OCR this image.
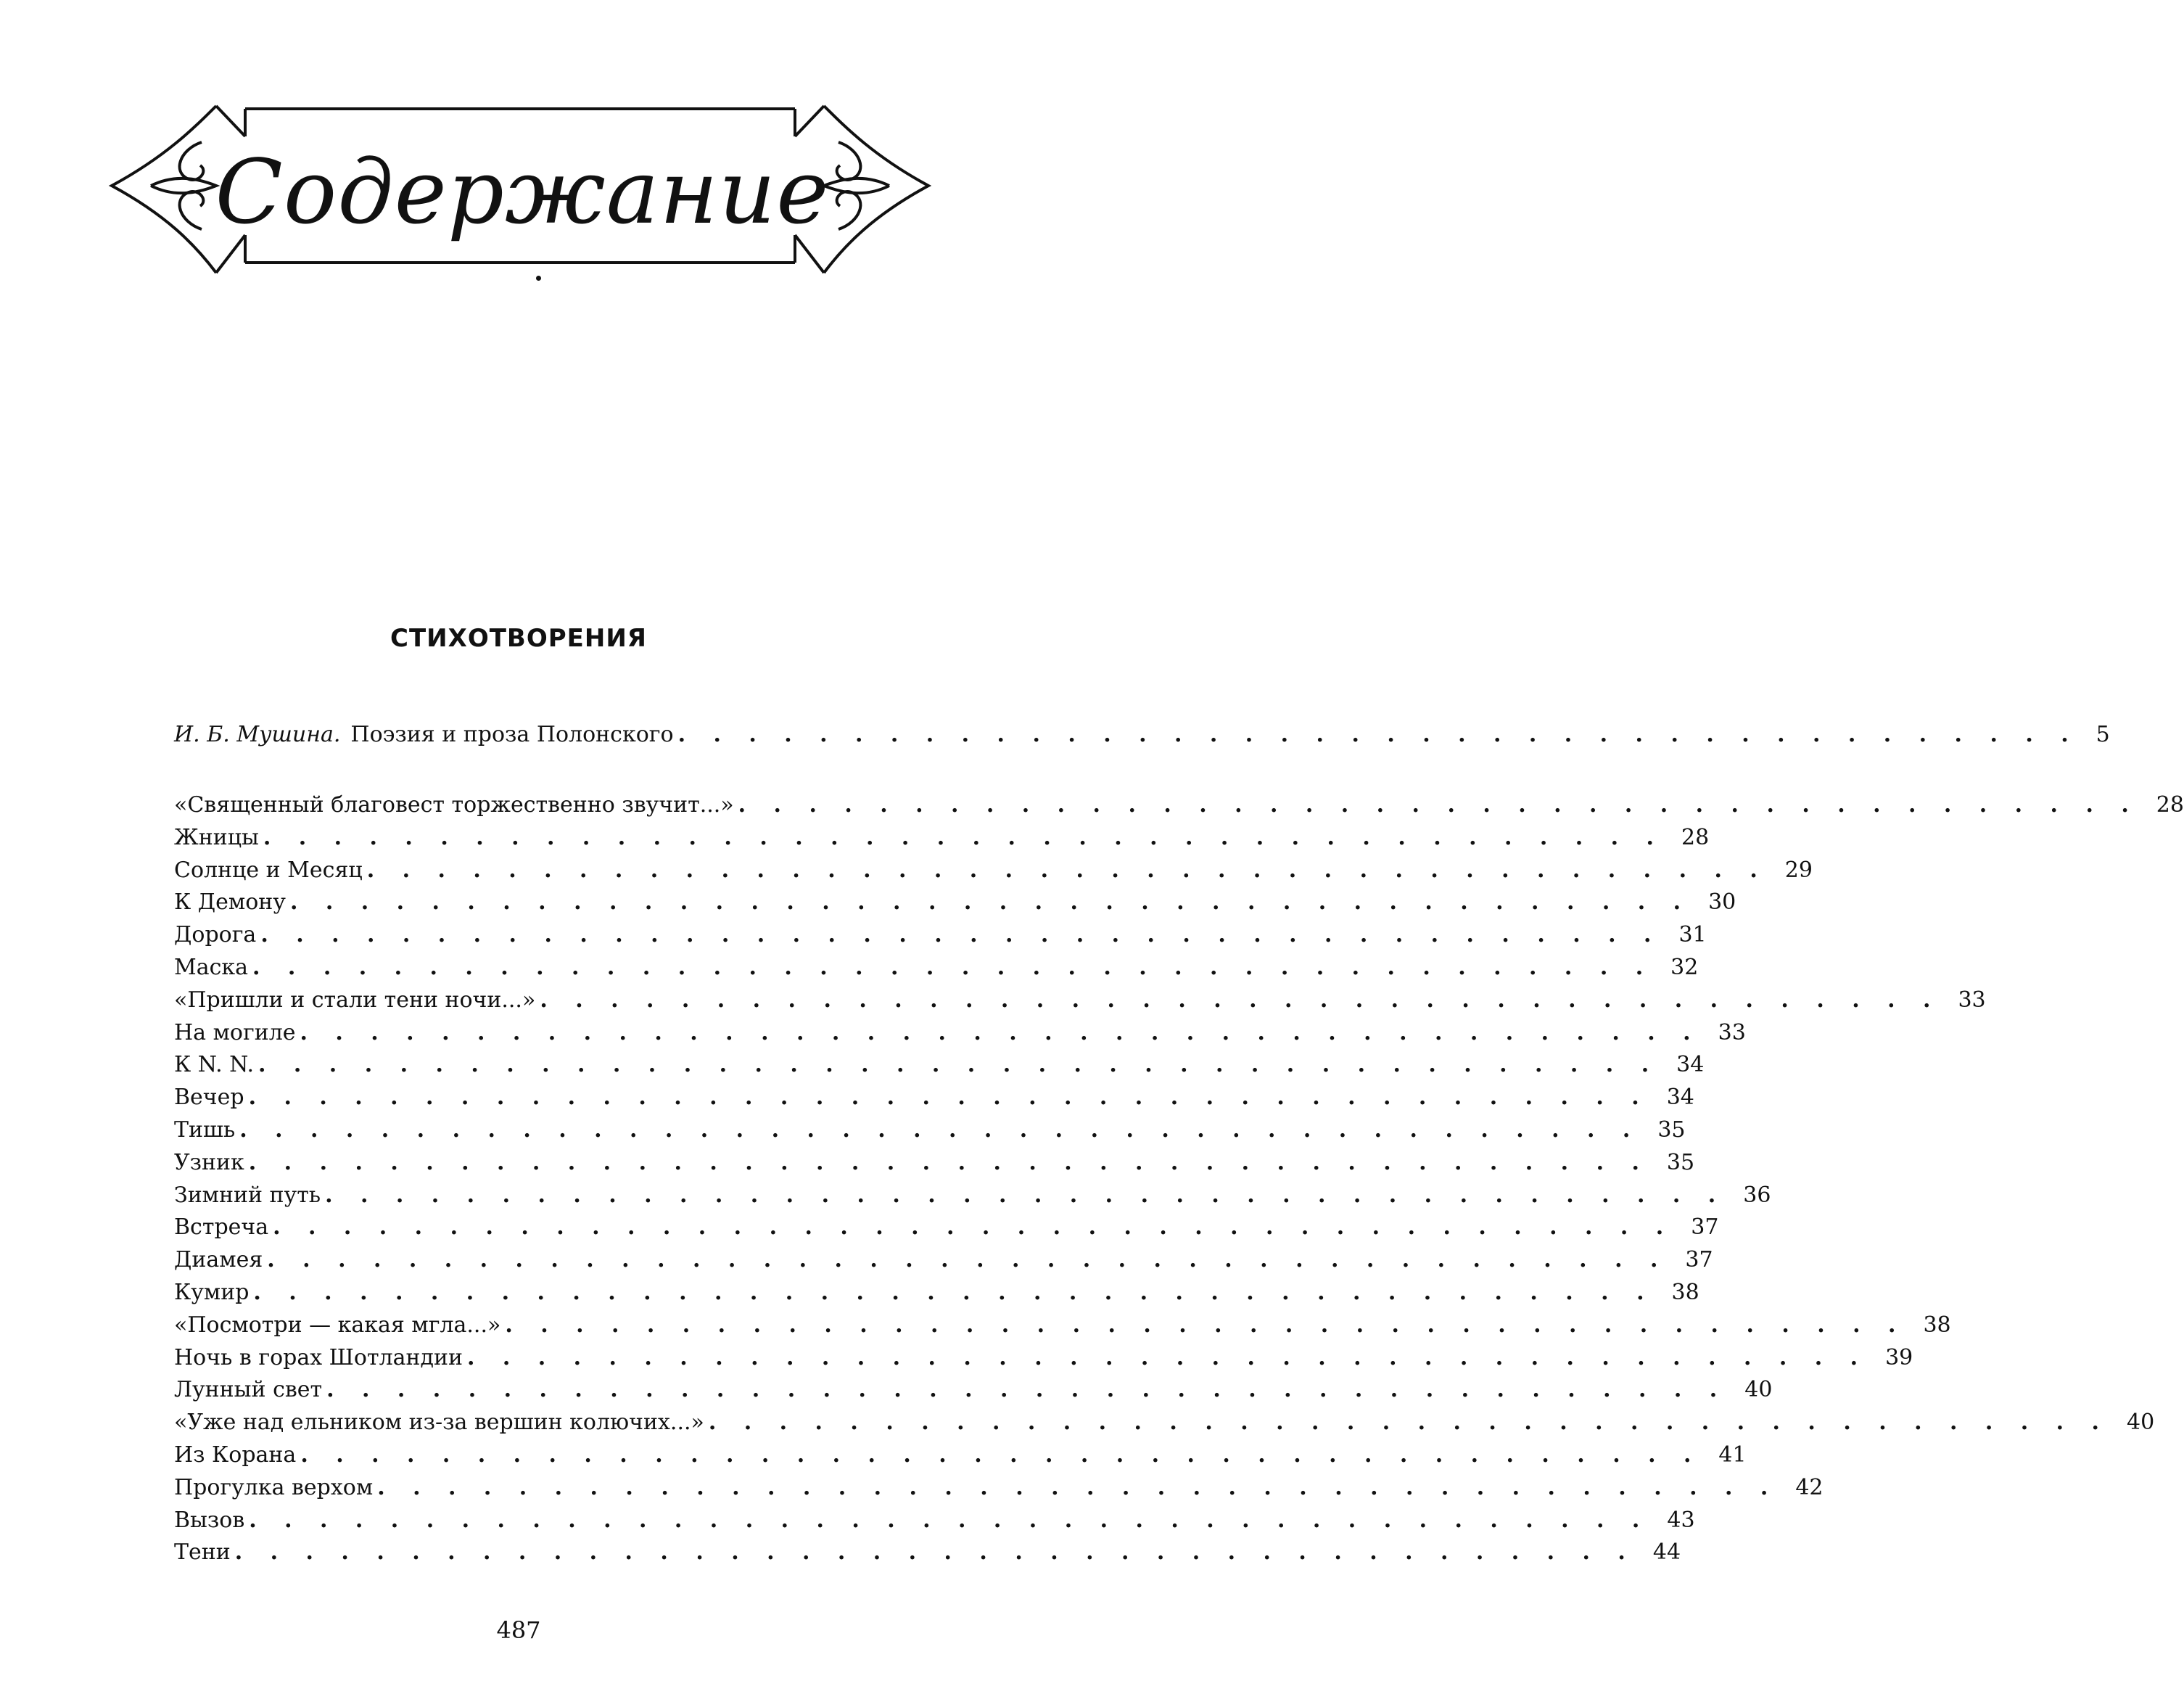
Содержание
СТИХОТВОРЕНИЯ
И. Б. Мушина. Поэзия и проза Полонского . . . . . . . . . . . . . . . . . . . . . . . . . . . . . . . . . . . . . . . . 5
«Священный благовест торжественно звучит...» . . . . . . . . . . . . . . . . . . . . . . . . . . . . . . . . . . . . . . . . 28
Жницы . . . . . . . . . . . . . . . . . . . . . . . . . . . . . . . . . . . . . . . . 28
Солнце и Месяц . . . . . . . . . . . . . . . . . . . . . . . . . . . . . . . . . . . . . . . . 29
К Демону . . . . . . . . . . . . . . . . . . . . . . . . . . . . . . . . . . . . . . . . 30
Дорога . . . . . . . . . . . . . . . . . . . . . . . . . . . . . . . . . . . . . . . . 31
Маска . . . . . . . . . . . . . . . . . . . . . . . . . . . . . . . . . . . . . . . . 32
«Пришли и стали тени ночи...» . . . . . . . . . . . . . . . . . . . . . . . . . . . . . . . . . . . . . . . . 33
На могиле . . . . . . . . . . . . . . . . . . . . . . . . . . . . . . . . . . . . . . . . 33
К N. N. . . . . . . . . . . . . . . . . . . . . . . . . . . . . . . . . . . . . . . . . 34
Вечер . . . . . . . . . . . . . . . . . . . . . . . . . . . . . . . . . . . . . . . . 34
Тишь . . . . . . . . . . . . . . . . . . . . . . . . . . . . . . . . . . . . . . . . 35
Узник . . . . . . . . . . . . . . . . . . . . . . . . . . . . . . . . . . . . . . . . 35
Зимний путь . . . . . . . . . . . . . . . . . . . . . . . . . . . . . . . . . . . . . . . . 36
Встреча . . . . . . . . . . . . . . . . . . . . . . . . . . . . . . . . . . . . . . . . 37
Диамея . . . . . . . . . . . . . . . . . . . . . . . . . . . . . . . . . . . . . . . . 37
Кумир . . . . . . . . . . . . . . . . . . . . . . . . . . . . . . . . . . . . . . . . 38
«Посмотри — какая мгла...» . . . . . . . . . . . . . . . . . . . . . . . . . . . . . . . . . . . . . . . . 38
Ночь в горах Шотландии . . . . . . . . . . . . . . . . . . . . . . . . . . . . . . . . . . . . . . . . 39
Лунный свет . . . . . . . . . . . . . . . . . . . . . . . . . . . . . . . . . . . . . . . . 40
«Уже над ельником из-за вершин колючих...» . . . . . . . . . . . . . . . . . . . . . . . . . . . . . . . . . . . . . . . . 40
Из Корана . . . . . . . . . . . . . . . . . . . . . . . . . . . . . . . . . . . . . . . . 41
Прогулка верхом . . . . . . . . . . . . . . . . . . . . . . . . . . . . . . . . . . . . . . . . 42
Вызов . . . . . . . . . . . . . . . . . . . . . . . . . . . . . . . . . . . . . . . . 43
Тени . . . . . . . . . . . . . . . . . . . . . . . . . . . . . . . . . . . . . . . . 44
487
